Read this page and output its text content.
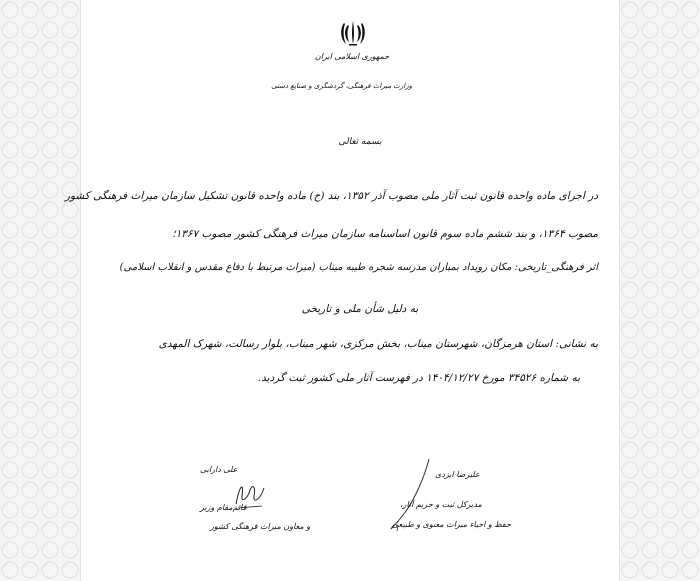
جمهوری اسلامی ایران
وزارت میراث فرهنگی، گردشگری و صنایع دستی
بسمه تعالی
در اجرای ماده واحده قانون ثبت آثار ملی مصوب آذر ۱۳۵۲، بند (ج) ماده واحده قانون تشکیل سازمان میراث فرهنگی کشور
مصوب ۱۳۶۴، و بند ششم ماده سوم قانون اساسنامه سازمان میراث فرهنگی کشور مصوب ۱۳۶۷؛
اثر فرهنگی_تاریخی: مکان رویداد بمباران مدرسه شجره طیبه میناب (میراث مرتبط با دفاع مقدس و انقلاب اسلامی)
به دلیل شأن ملی و تاریخی
به نشانی: استان هرمزگان، شهرستان میناب، بخش مرکزی، شهر میناب، بلوار رسالت، شهرک المهدی
به شماره ۳۴۵۲۶ مورخ ۱۴۰۴/۱۲/۲۷ در فهرست آثار ملی کشور ثبت گردید.
علی دارابی
قائم‌مقام وزیر
و معاون میراث فرهنگی کشور
علیرضا ایزدی
مدیرکل ثبت و حریم آثار،
حفظ و احیاء میراث معنوی و طبیعی
